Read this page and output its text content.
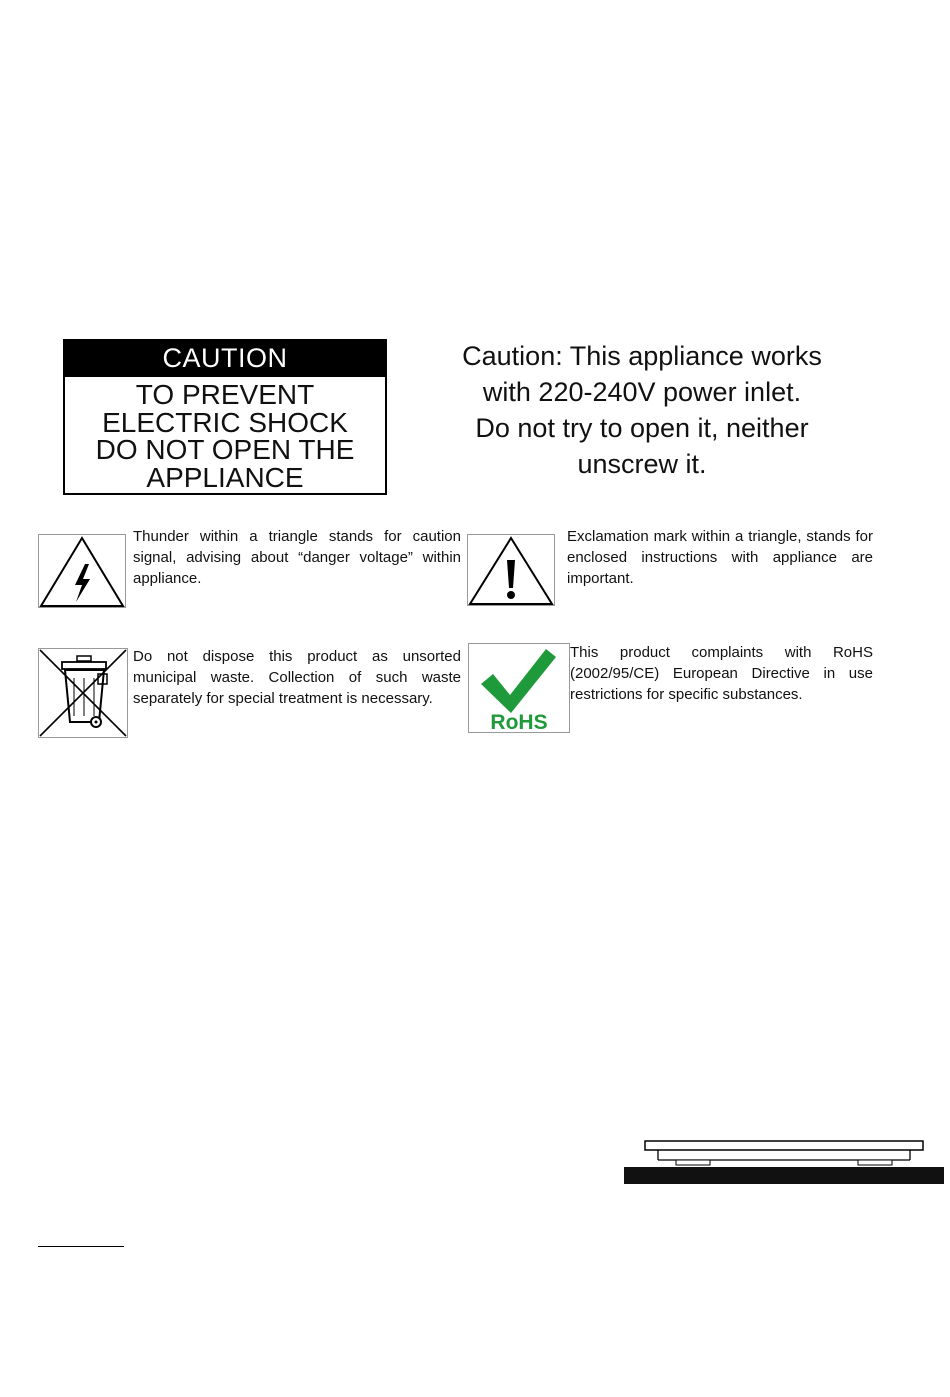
CAUTION
TO PREVENT
ELECTRIC SHOCK
DO NOT OPEN THE
APPLIANCE
Caution: This appliance works
with 220-240V power inlet.
Do not try to open it, neither
unscrew it.
Thunder within a triangle stands for caution signal, advising about “danger voltage” within appliance.
Exclamation mark within a triangle, stands for enclosed instructions with appliance are important.
Do not dispose this product as unsorted municipal waste. Collection of such waste separately for special treatment is necessary.
RoHS
This product complaints with RoHS (2002/95/CE) European Directive in use restrictions for specific substances.
